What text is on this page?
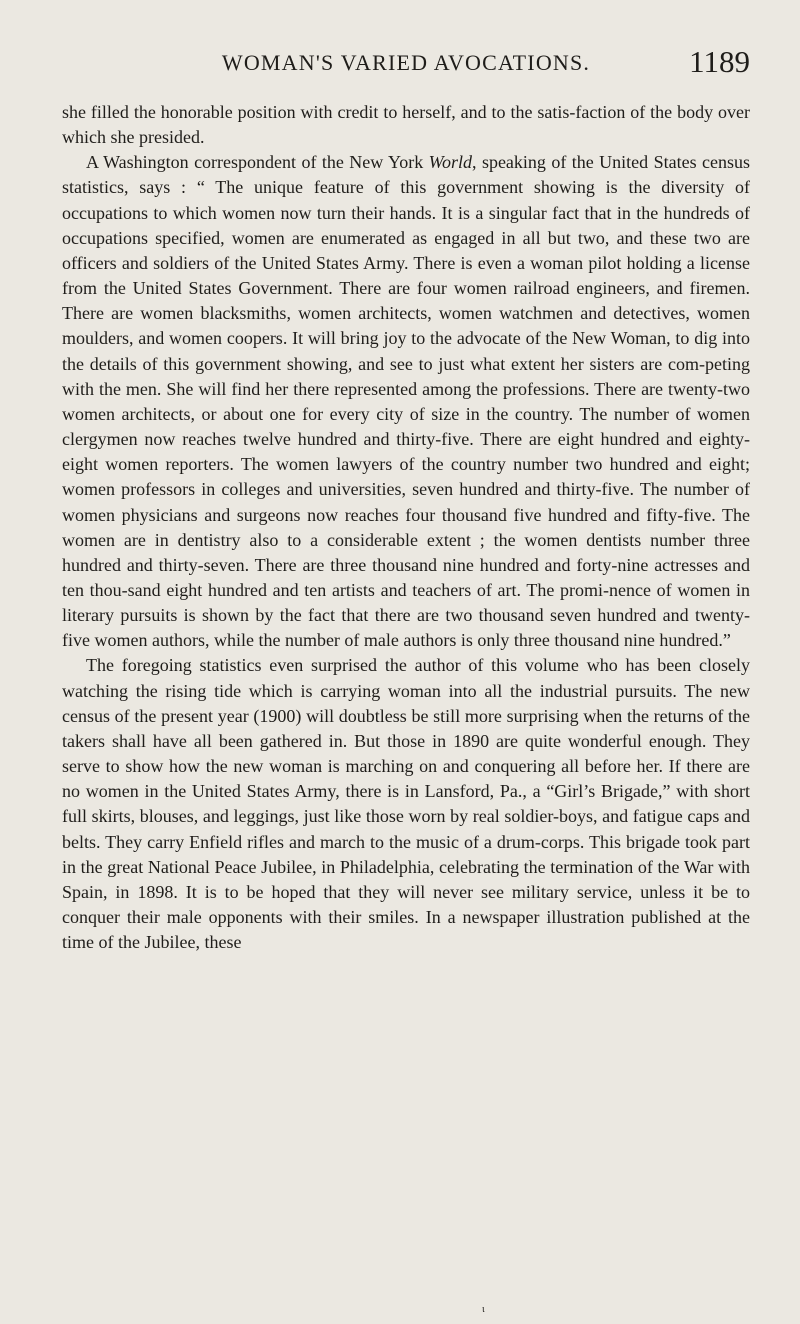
WOMAN'S VARIED AVOCATIONS.	1189

she filled the honorable position with credit to herself, and to the satis-faction of the body over which she presided.

A Washington correspondent of the New York World, speaking of the United States census statistics, says : “ The unique feature of this government showing is the diversity of occupations to which women now turn their hands. It is a singular fact that in the hundreds of occupations specified, women are enumerated as engaged in all but two, and these two are officers and soldiers of the United States Army. There is even a woman pilot holding a license from the United States Government. There are four women railroad engineers, and firemen. There are women blacksmiths, women architects, women watchmen and detectives, women moulders, and women coopers. It will bring joy to the advocate of the New Woman, to dig into the details of this government showing, and see to just what extent her sisters are com-peting with the men. She will find her there represented among the professions. There are twenty-two women architects, or about one for every city of size in the country. The number of women clergymen now reaches twelve hundred and thirty-five. There are eight hundred and eighty-eight women reporters. The women lawyers of the country number two hundred and eight; women professors in colleges and universities, seven hundred and thirty-five. The number of women physicians and surgeons now reaches four thousand five hundred and fifty-five. The women are in dentistry also to a considerable extent ; the women dentists number three hundred and thirty-seven. There are three thousand nine hundred and forty-nine actresses and ten thou-sand eight hundred and ten artists and teachers of art. The promi-nence of women in literary pursuits is shown by the fact that there are two thousand seven hundred and twenty-five women authors, while the number of male authors is only three thousand nine hundred.”

The foregoing statistics even surprised the author of this volume who has been closely watching the rising tide which is carrying woman into all the industrial pursuits. The new census of the present year (1900) will doubtless be still more surprising when the returns of the takers shall have all been gathered in. But those in 1890 are quite wonderful enough. They serve to show how the new woman is marching on and conquering all before her. If there are no women in the United States Army, there is in Lansford, Pa., a “Girl’s Brigade,” with short full skirts, blouses, and leggings, just like those worn by real soldier-boys, and fatigue caps and belts. They carry Enfield rifles and march to the music of a drum-corps. This brigade took part in the great National Peace Jubilee, in Philadelphia, celebrating the termination of the War with Spain, in 1898. It is to be hoped that they will never see military service, unless it be to conquer their male opponents with their smiles. In a newspaper illustration published at the time of the Jubilee, these

ι
